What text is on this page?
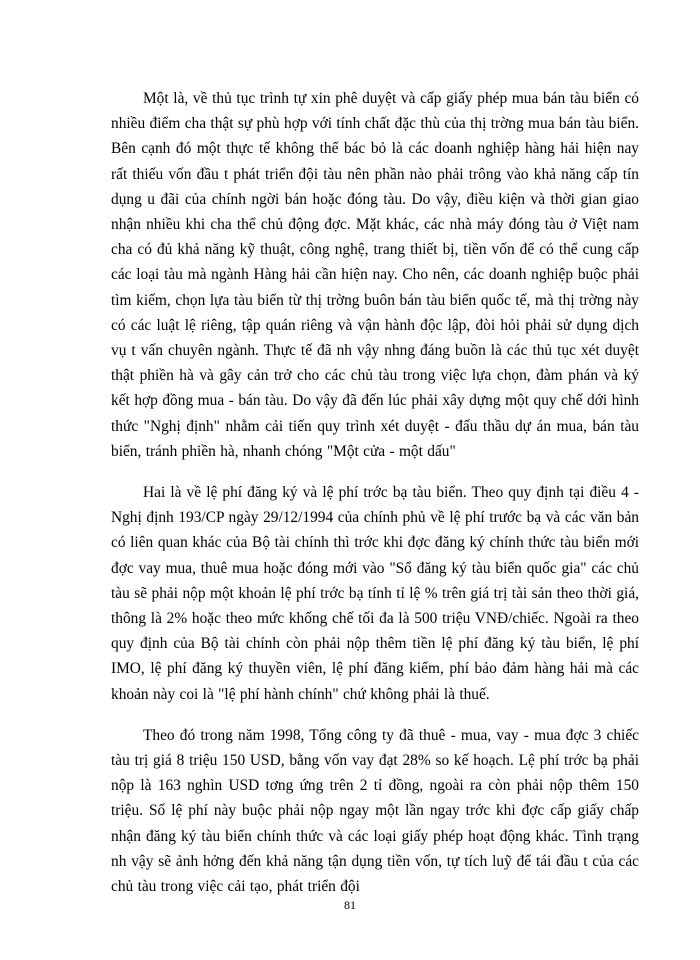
Một là, về thủ tục trình tự xin phê duyệt và cấp giấy phép mua bán tàu biển có nhiều điểm cha thật sự phù hợp với tính chất đặc thù của thị trờng mua bán tàu biển. Bên cạnh đó một thực tế không thể bác bỏ là các doanh nghiệp hàng hải hiện nay rất thiếu vốn đầu t phát triển đội tàu nên phần nào phải trông vào khả năng cấp tín dụng u đãi của chính ngời bán hoặc đóng tàu. Do vậy, điều kiện và thời gian giao nhận nhiều khi cha thể chủ động đợc. Mặt khác, các nhà máy đóng tàu ở Việt nam cha có đủ khả năng kỹ thuật, công nghệ, trang thiết bị, tiền vốn để có thể cung cấp các loại tàu mà ngành Hàng hải cần hiện nay. Cho nên, các doanh nghiệp buộc phải tìm kiếm, chọn lựa tàu biển từ thị trờng buôn bán tàu biển quốc tế, mà thị trờng này có các luật lệ riêng, tập quán riêng và vận hành độc lập, đòi hỏi phải sử dụng dịch vụ t vấn chuyên ngành. Thực tế đã nh vậy nhng đáng buồn là các thủ tục xét duyệt thật phiền hà và gây cản trở cho các chủ tàu trong việc lựa chọn, đàm phán và ký kết hợp đồng mua - bán tàu. Do vậy đã đến lúc phải xây dựng một quy chế dới hình thức "Nghị định" nhằm cải tiến quy trình xét duyệt - đấu thầu dự án mua, bán tàu biển, tránh phiền hà, nhanh chóng "Một cửa - một dấu"

Hai là về lệ phí đăng ký và lệ phí trớc bạ tàu biển. Theo quy định tại điều 4 - Nghị định 193/CP ngày 29/12/1994 của chính phủ về lệ phí trước bạ và các văn bản có liên quan khác của Bộ tài chính thì trớc khi đợc đăng ký chính thức tàu biển mới đợc vay mua, thuê mua hoặc đóng mới vào "Sổ đăng ký tàu biển quốc gia" các chủ tàu sẽ phải nộp một khoản lệ phí trớc bạ tính tỉ lệ % trên giá trị tài sản theo thời giá, thông là 2% hoặc theo mức khống chế tối đa là 500 triệu VNĐ/chiếc. Ngoài ra theo quy định của Bộ tài chính còn phải nộp thêm tiền lệ phí đăng ký tàu biển, lệ phí IMO, lệ phí đăng ký thuyền viên, lệ phí đăng kiểm, phí bảo đảm hàng hải mà các khoản này coi là "lệ phí hành chính" chứ không phải là thuế.

Theo đó trong năm 1998, Tổng công ty đã thuê - mua, vay - mua đợc 3 chiếc tàu trị giá 8 triệu 150 USD, bằng vốn vay đạt 28% so kế hoạch. Lệ phí trớc bạ phải nộp là 163 nghìn USD tơng ứng trên 2 tỉ đồng, ngoài ra còn phải nộp thêm 150 triệu. Số lệ phí này buộc phải nộp ngay một lần ngay trớc khi đợc cấp giấy chấp nhận đăng ký tàu biển chính thức và các loại giấy phép hoạt động khác. Tình trạng nh vậy sẽ ảnh hởng đến khả năng tận dụng tiền vốn, tự tích luỹ để tái đầu t của các chủ tàu trong việc cải tạo, phát triển đội

81
